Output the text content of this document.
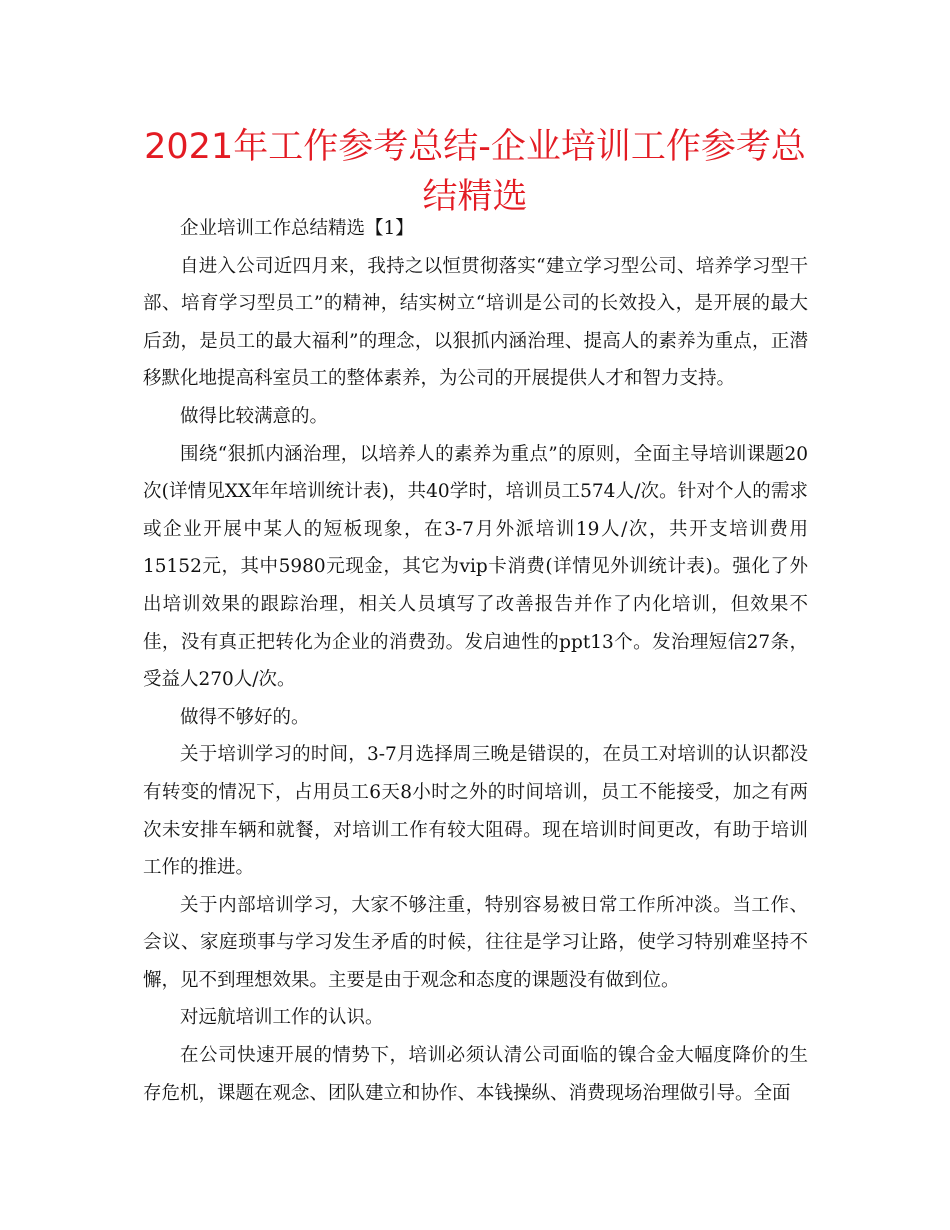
2021年工作参考总结-企业培训工作参考总结精选

企业培训工作总结精选【1】

自进入公司近四月来，我持之以恒贯彻落实“建立学习型公司、培养学习型干部、培育学习型员工”的精神，结实树立“培训是公司的长效投入，是开展的最大后劲，是员工的最大福利”的理念，以狠抓内涵治理、提高人的素养为重点，正潜移默化地提高科室员工的整体素养，为公司的开展提供人才和智力支持。

做得比较满意的。

围绕“狠抓内涵治理，以培养人的素养为重点”的原则，全面主导培训课题20次(详情见XX年年培训统计表)，共40学时，培训员工574人/次。针对个人的需求或企业开展中某人的短板现象，在3-7月外派培训19人/次，共开支培训费用15152元，其中5980元现金，其它为vip卡消费(详情见外训统计表)。强化了外出培训效果的跟踪治理，相关人员填写了改善报告并作了内化培训，但效果不佳，没有真正把转化为企业的消费劲。发启迪性的ppt13个。发治理短信27条，受益人270人/次。

做得不够好的。

关于培训学习的时间，3-7月选择周三晚是错误的，在员工对培训的认识都没有转变的情况下，占用员工6天8小时之外的时间培训，员工不能接受，加之有两次未安排车辆和就餐，对培训工作有较大阻碍。现在培训时间更改，有助于培训工作的推进。

关于内部培训学习，大家不够注重，特别容易被日常工作所冲淡。当工作、会议、家庭琐事与学习发生矛盾的时候，往往是学习让路，使学习特别难坚持不懈，见不到理想效果。主要是由于观念和态度的课题没有做到位。

对远航培训工作的认识。

在公司快速开展的情势下，培训必须认清公司面临的镍合金大幅度降价的生存危机，课题在观念、团队建立和协作、本钱操纵、消费现场治理做引导。全面
